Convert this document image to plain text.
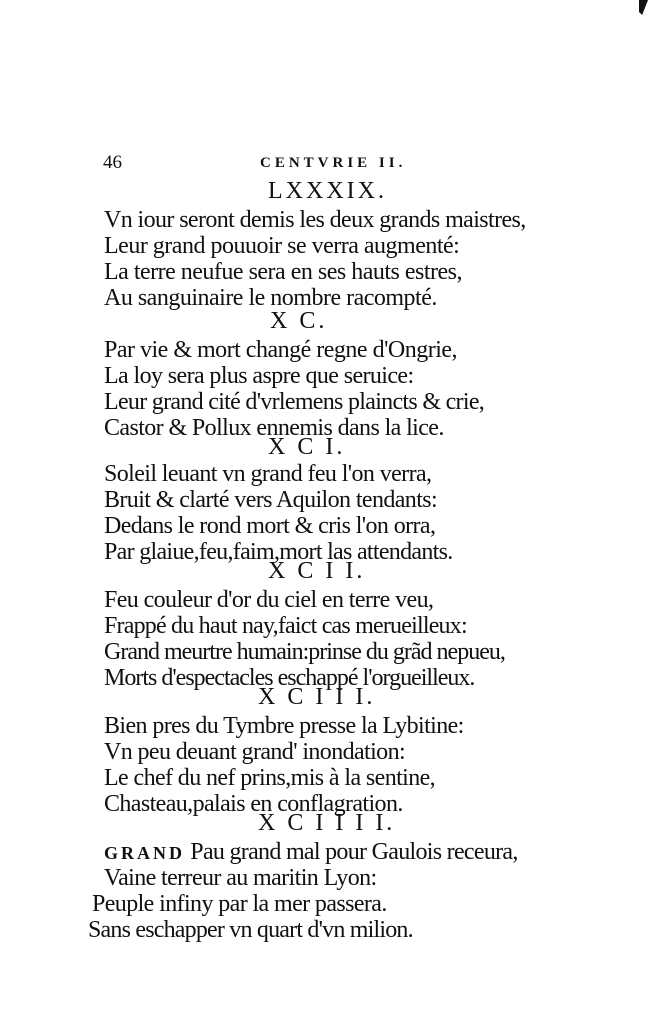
46	CENTVRIE II.
LXXXIX.
Vn iour seront demis les deux grands maistres,
Leur grand pouuoir se verra augmenté:
La terre neufue sera en ses hauts estres,
Au sanguinaire le nombre racompté.
X C.
Par vie & mort changé regne d'Ongrie,
La loy sera plus aspre que seruice:
Leur grand cité d'vrlemens plaincts & crie,
Castor & Pollux ennemis dans la lice.
X C I.
Soleil leuant vn grand feu l'on verra,
Bruit & clarté vers Aquilon tendants:
Dedans le rond mort & cris l'on orra,
Par glaiue,feu,faim,mort las attendants.
X C I I.
Feu couleur d'or du ciel en terre veu,
Frappé du haut nay,faict cas merueilleux:
Grand meurtre humain:prinse du grãd nepueu,
Morts d'espectacles eschappé l'orgueilleux.
X C I I I.
Bien pres du Tymbre presse la Lybitine:
Vn peu deuant grand' inondation:
Le chef du nef prins,mis à la sentine,
Chasteau,palais en conflagration.
X C I I I I.
GRAND Pau grand mal pour Gaulois receura,
Vaine terreur au maritin Lyon:
Peuple infiny par la mer passera.
Sans eschapper vn quart d'vn milion.
